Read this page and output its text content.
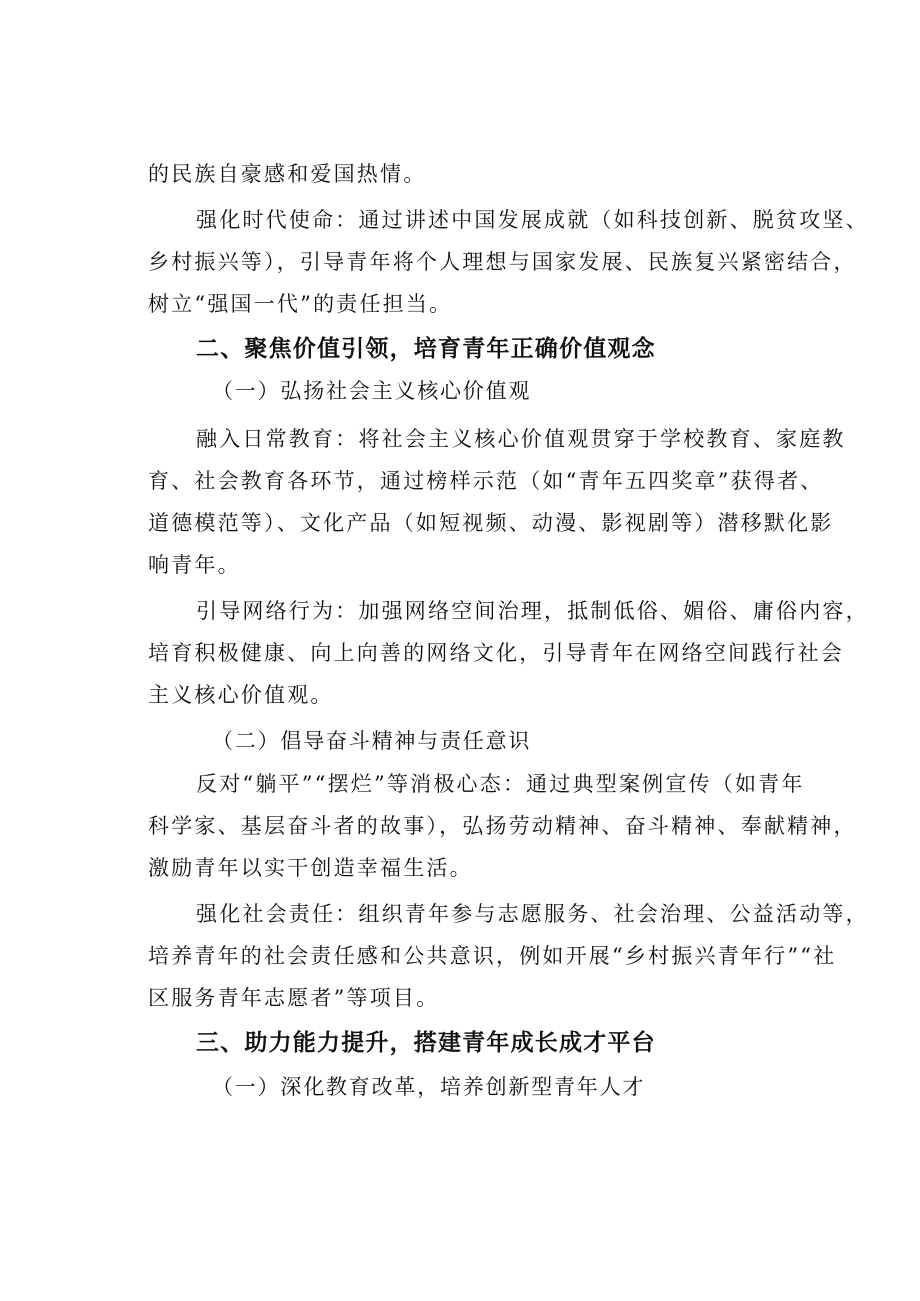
的民族自豪感和爱国热情。
强化时代使命：通过讲述中国发展成就（如科技创新、脱贫攻坚、
乡村振兴等），引导青年将个人理想与国家发展、民族复兴紧密结合，
树立“强国一代”的责任担当。
二、聚焦价值引领，培育青年正确价值观念
（一）弘扬社会主义核心价值观
融入日常教育：将社会主义核心价值观贯穿于学校教育、家庭教
育、社会教育各环节，通过榜样示范（如“青年五四奖章”获得者、
道德模范等）、文化产品（如短视频、动漫、影视剧等）潜移默化影
响青年。
引导网络行为：加强网络空间治理，抵制低俗、媚俗、庸俗内容，
培育积极健康、向上向善的网络文化，引导青年在网络空间践行社会
主义核心价值观。
（二）倡导奋斗精神与责任意识
反对“躺平”“摆烂”等消极心态：通过典型案例宣传（如青年
科学家、基层奋斗者的故事），弘扬劳动精神、奋斗精神、奉献精神，
激励青年以实干创造幸福生活。
强化社会责任：组织青年参与志愿服务、社会治理、公益活动等，
培养青年的社会责任感和公共意识，例如开展“乡村振兴青年行”“社
区服务青年志愿者”等项目。
三、助力能力提升，搭建青年成长成才平台
（一）深化教育改革，培养创新型青年人才
